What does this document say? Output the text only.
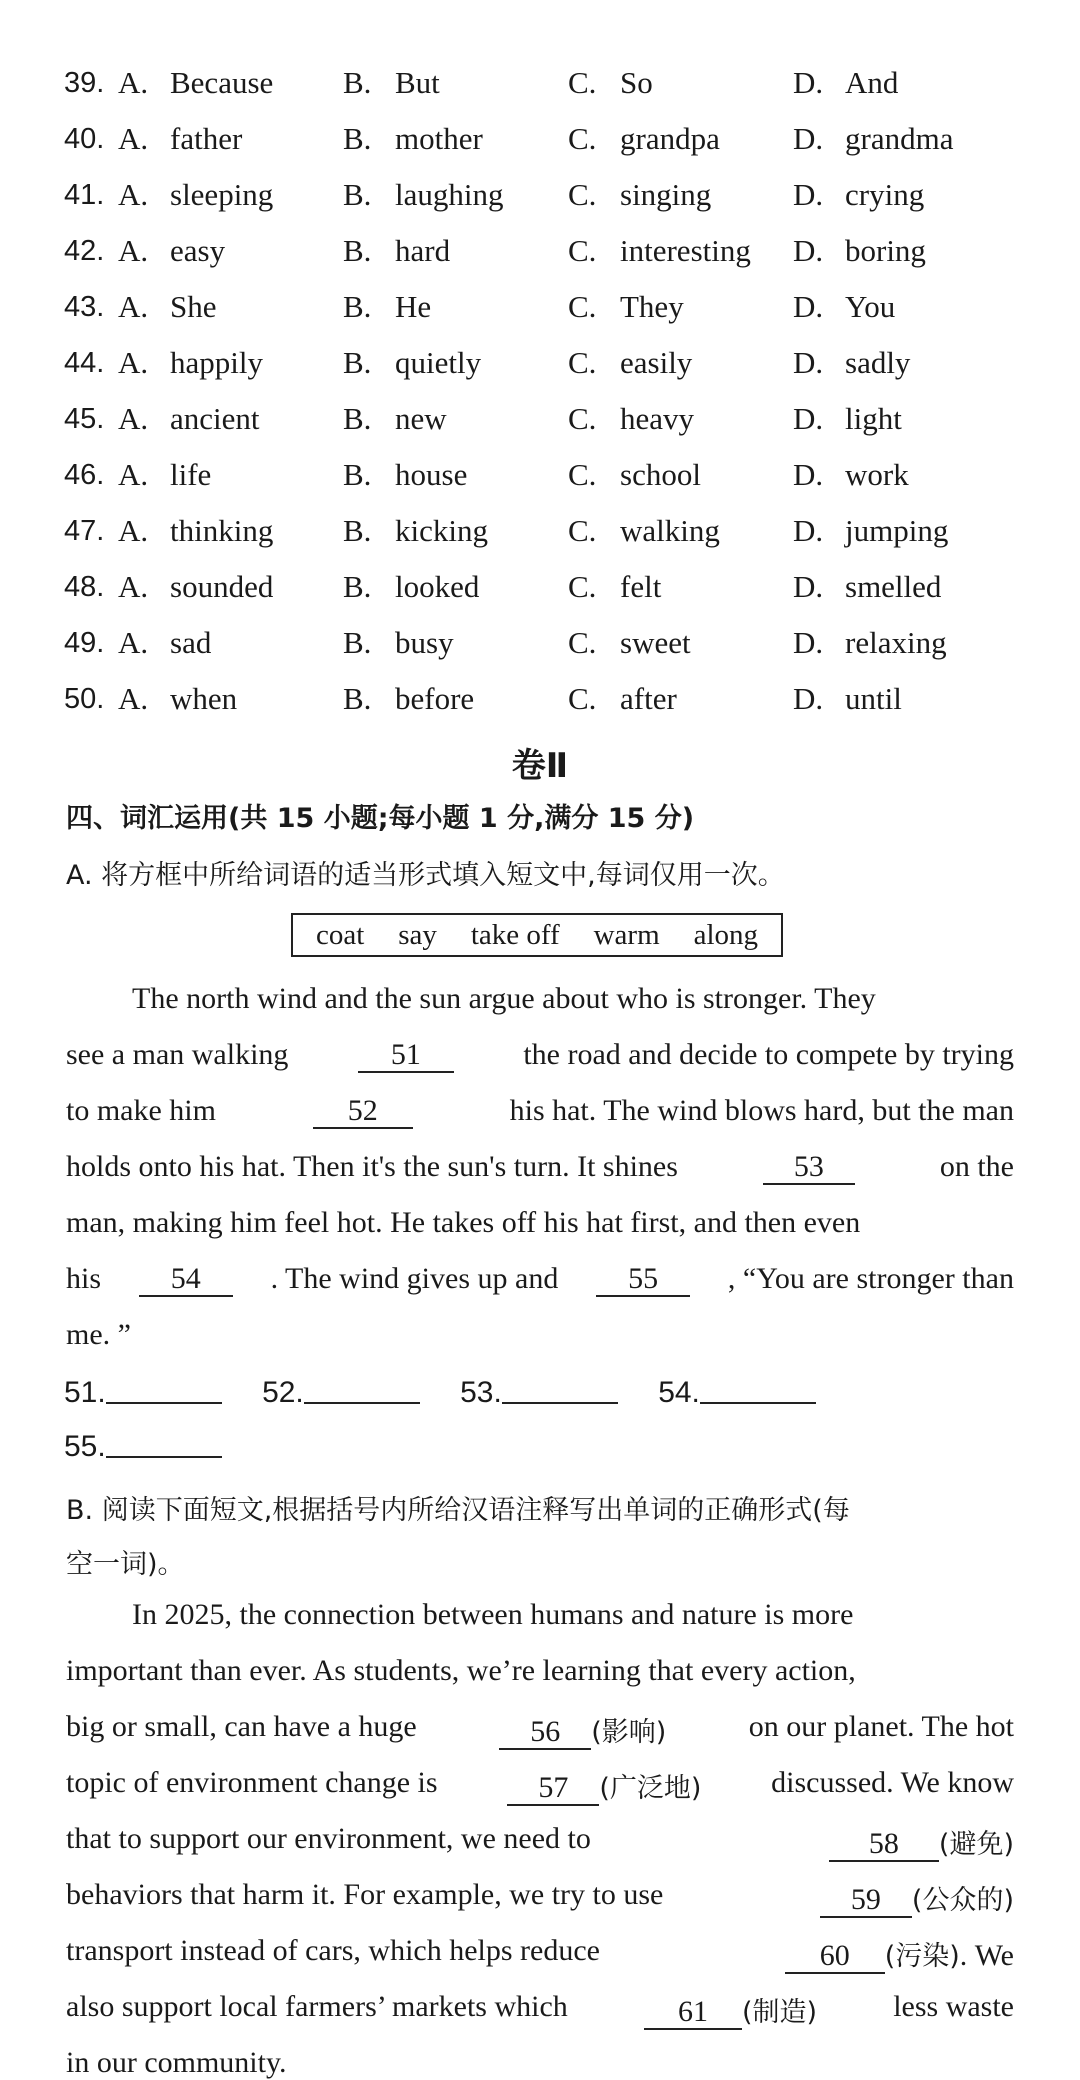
39. A. Because B. But	C. So	D. And
40. A. father	B. mother	C. grandpa D. grandma
41. A. sleeping B. laughing C. singing	D. crying
42. A. easy	B. hard	C. interesting D. boring
43. A. She	B. He	C. They	D. You
44. A. happily	B. quietly	C. easily	D. sadly
45. A. ancient	B. new	C. heavy	D. light
46. A. life	B. house	C. school	D. work
47. A. thinking B. kicking	C. walking D. jumping
48. A. sounded B. looked	C. felt	D. smelled
49. A. sad	B. busy	C. sweet	D. relaxing
50. A. when	B. before	C. after	D. until
卷Ⅱ
四、词汇运用(共 15 小题;每小题 1 分,满分 15 分)
A. 将方框中所给词语的适当形式填入短文中,每词仅用一次。
coat say take off warm along
The north wind and the sun argue about who is stronger. They
see a man walking	51	the road and decide to compete by trying
to make him	52	his hat. The wind blows hard, but the man
holds onto his hat. Then it's the sun's turn. It shines	53	on the
man, making him feel hot. He takes off his hat first, and then even
his	54	. The wind gives up and	55	, “You are stronger than
me. ”
51.	52.	53.	54.
55.
B. 阅读下面短文,根据括号内所给汉语注释写出单词的正确形式(每
空一词)。
In 2025, the connection between humans and nature is more
important than ever. As students, we’re learning that every action,
big or small, can have a huge	56 (影响)	on our planet. The hot
topic of environment change is	57 (广泛地) discussed. We know
that to support our environment, we need to	58 (避免)
behaviors that harm it. For example, we try to use	59 (公众的)
transport instead of cars, which helps reduce	60 (污染). We
also support local farmers’ markets which	61 (制造)	less waste
in our community.
